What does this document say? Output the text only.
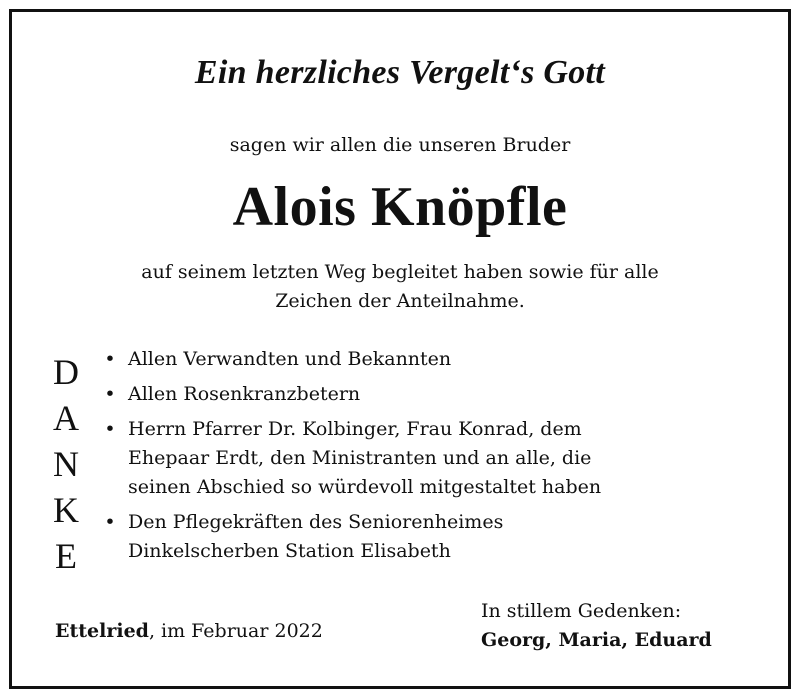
Ein herzliches Vergelt‘s Gott
sagen wir allen die unseren Bruder
Alois Knöpfle
auf seinem letzten Weg begleitet haben sowie für alle
Zeichen der Anteilnahme.
D
A
N
K
E
• Allen Verwandten und Bekannten
• Allen Rosenkranzbetern
• Herrn Pfarrer Dr. Kolbinger, Frau Konrad, dem
Ehepaar Erdt, den Ministranten und an alle, die
seinen Abschied so würdevoll mitgestaltet haben
• Den Pflegekräften des Seniorenheimes
Dinkelscherben Station Elisabeth
Ettelried, im Februar 2022
In stillem Gedenken:
Georg, Maria, Eduard
